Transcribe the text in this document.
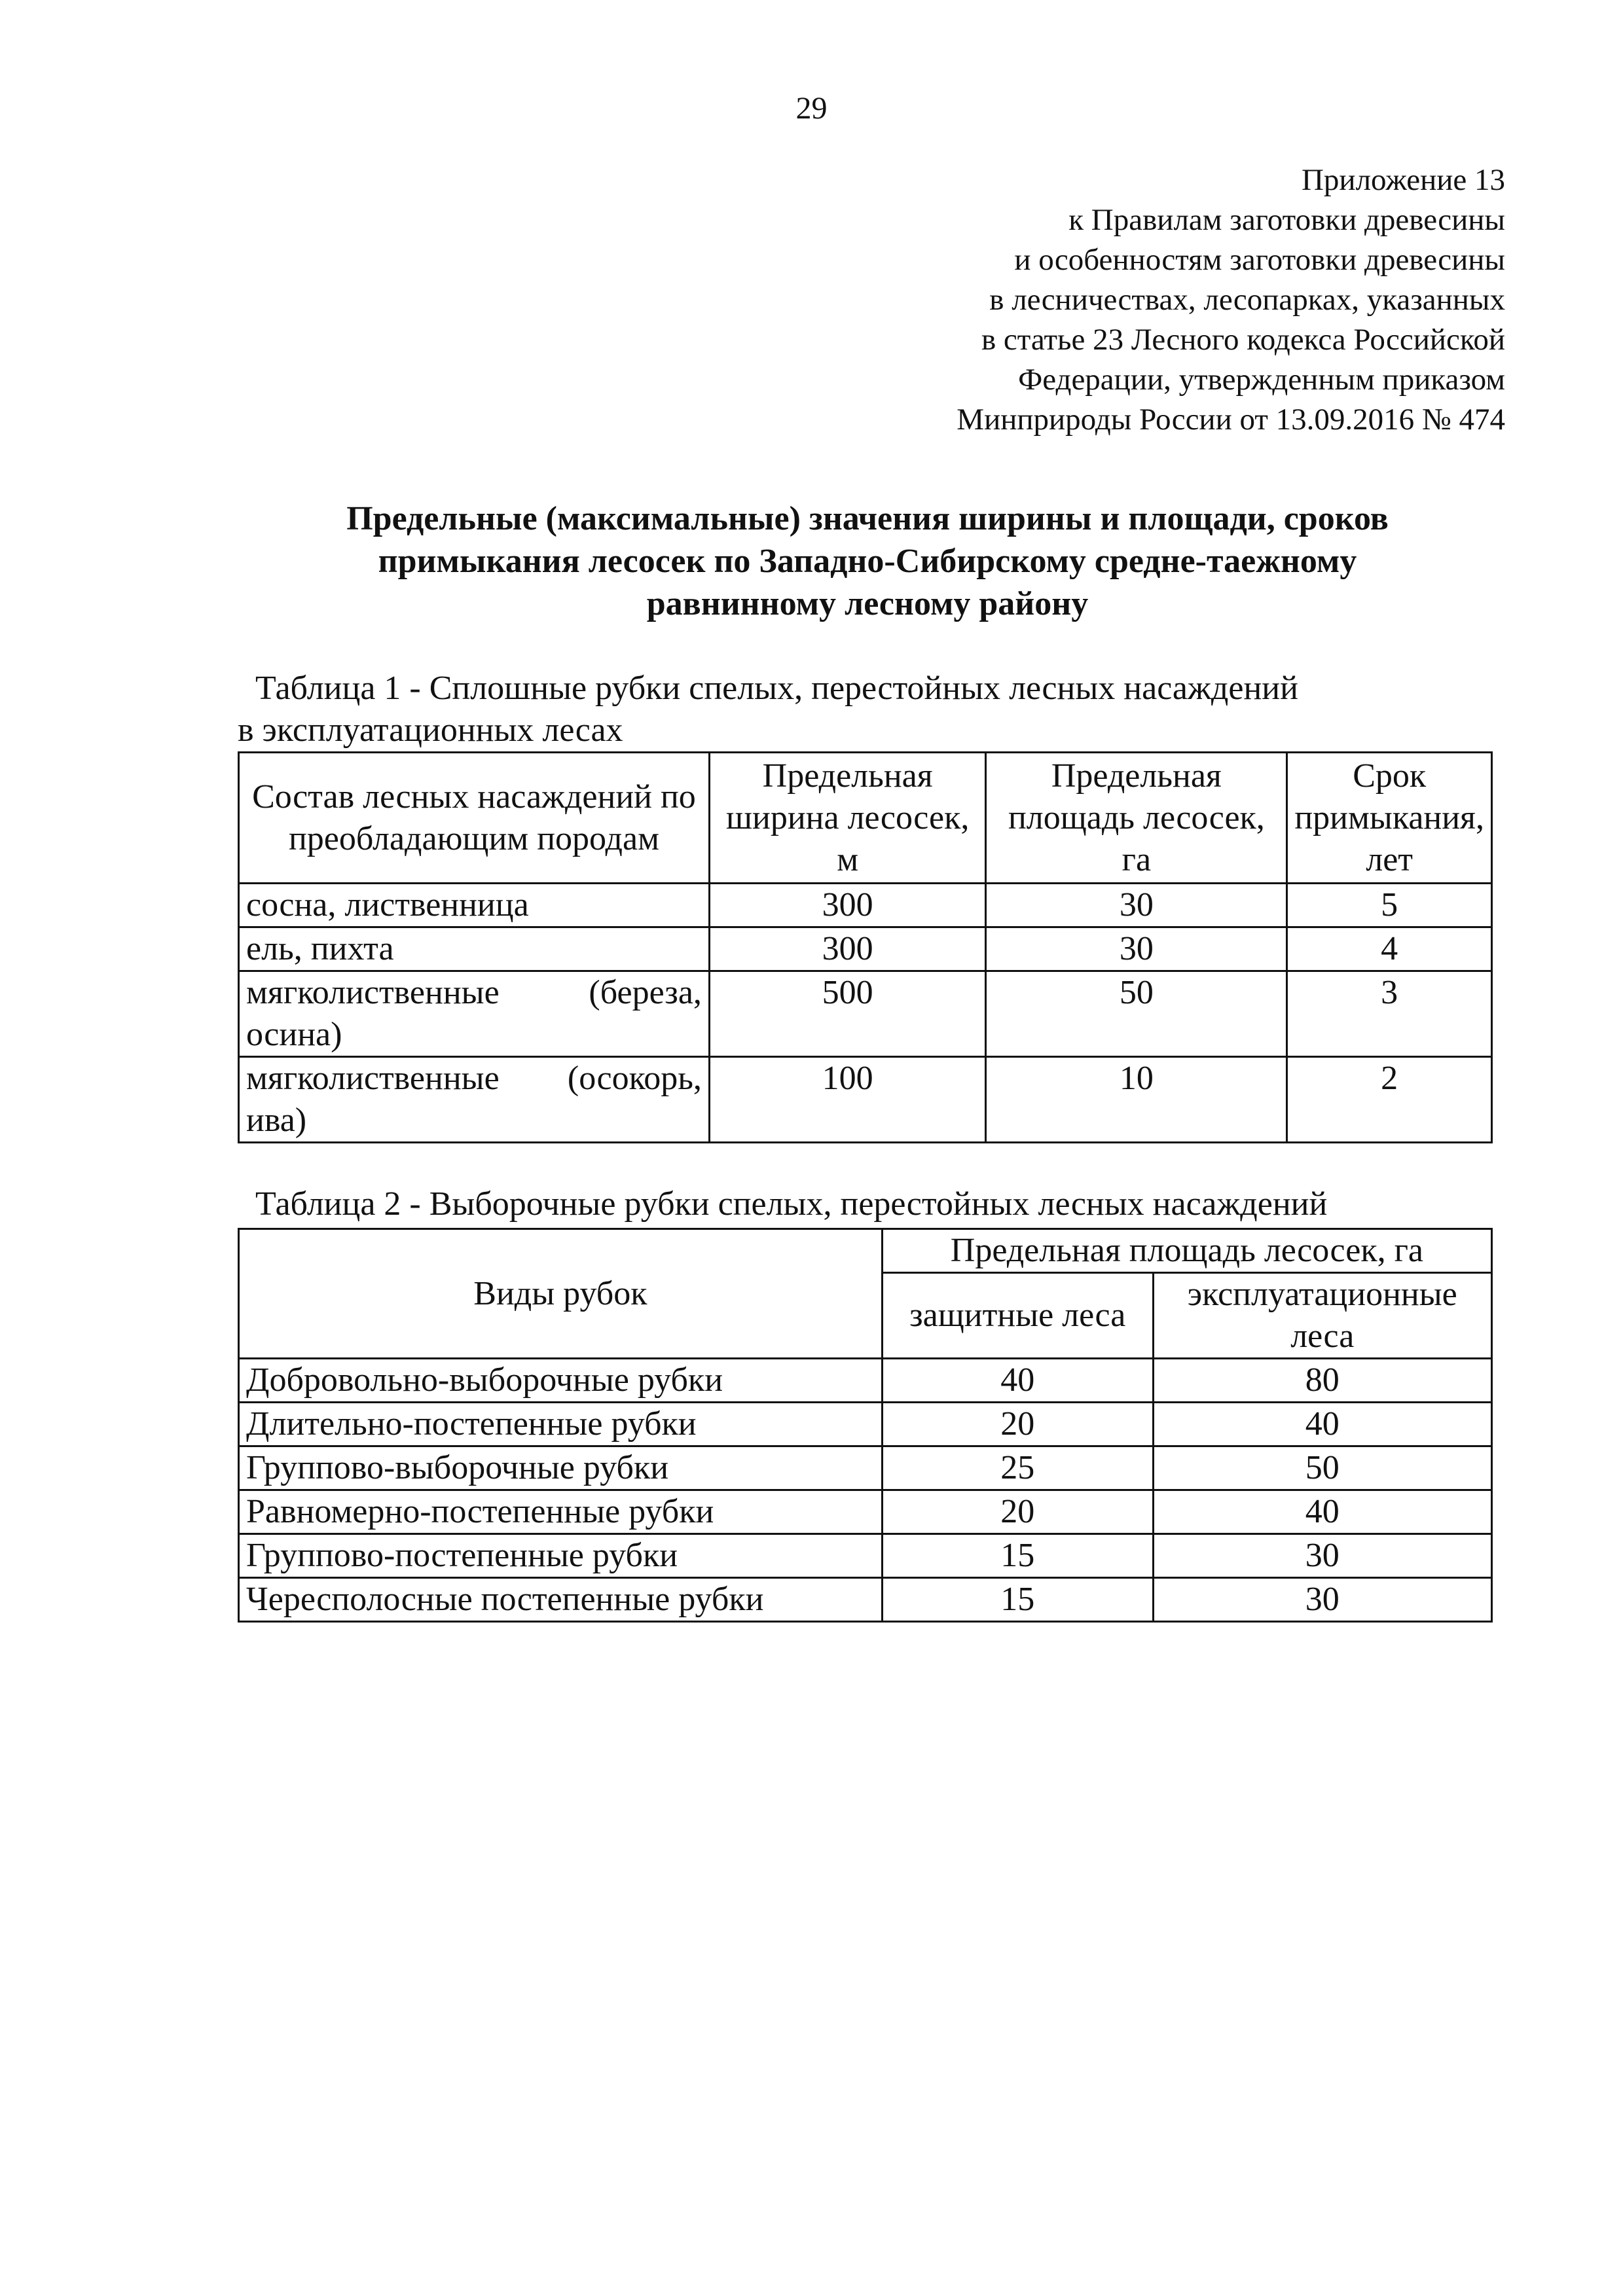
29
Приложение 13
к Правилам заготовки древесины
и особенностям заготовки древесины
в лесничествах, лесопарках, указанных
в статье 23 Лесного кодекса Российской
Федерации, утвержденным приказом
Минприроды России от 13.09.2016 № 474
Предельные (максимальные) значения ширины и площади, сроков
примыкания лесосек по Западно-Сибирскому средне-таежному
равнинному лесному району
Таблица 1 - Сплошные рубки спелых, перестойных лесных насаждений
в эксплуатационных лесах
Состав лесных насаждений по преобладающим породам	Предельная ширина лесосек, м	Предельная площадь лесосек, га	Срок примыкания, лет
сосна, лиственница	300	30	5
ель, пихта	300	30	4
мягколиственные (береза, осина)	500	50	3
мягколиственные (осокорь, ива)	100	10	2
Таблица 2 - Выборочные рубки спелых, перестойных лесных насаждений
Виды рубок	Предельная площадь лесосек, га	
	защитные леса	эксплуатационные леса
Добровольно-выборочные рубки	40	80
Длительно-постепенные рубки	20	40
Группово-выборочные рубки	25	50
Равномерно-постепенные рубки	20	40
Группово-постепенные рубки	15	30
Чересполосные постепенные рубки	15	30
